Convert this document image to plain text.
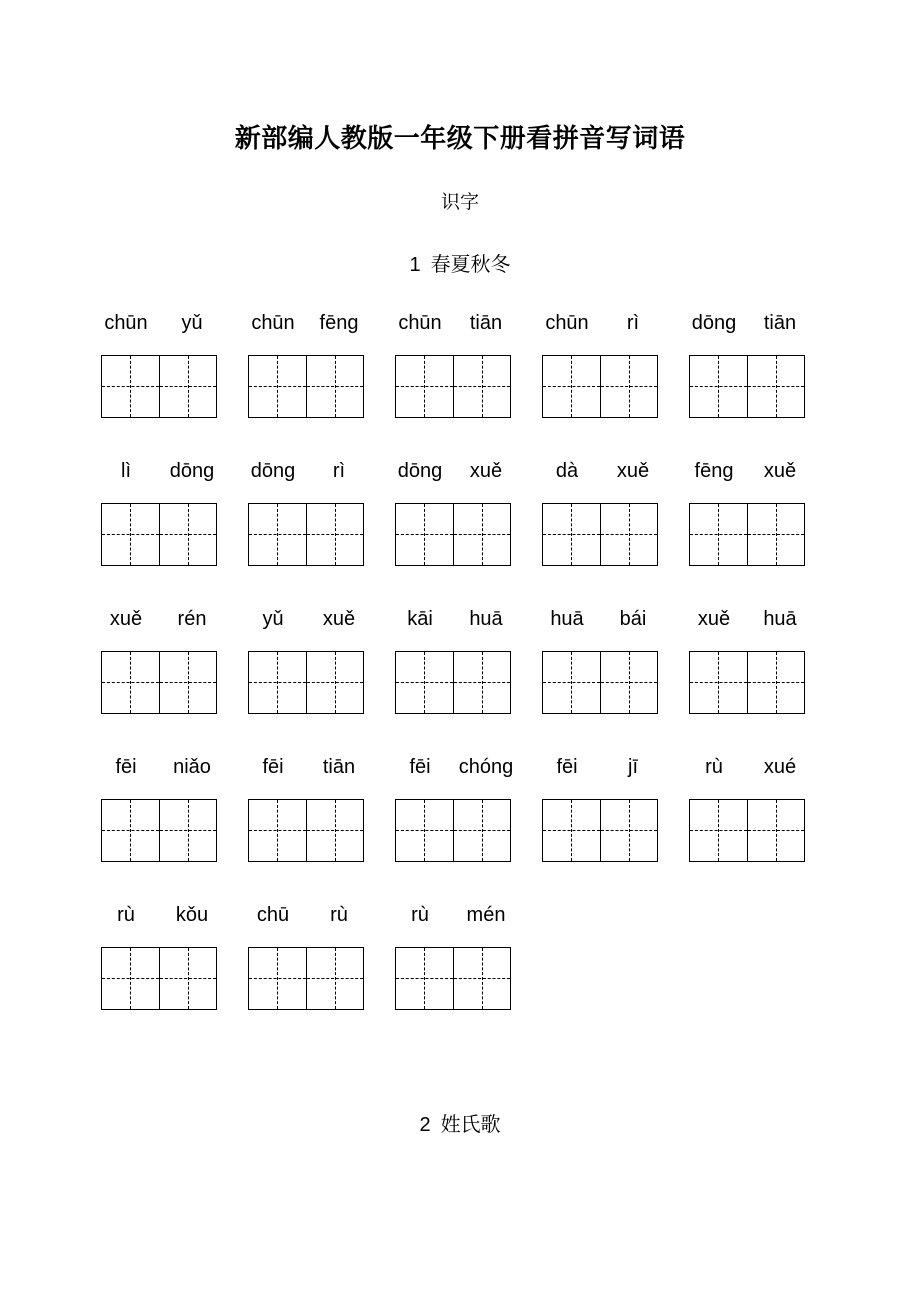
新部编人教版一年级下册看拼音写词语
识字
1 春夏秋冬
chūn	yǔ	chūn	fēng	chūn	tiān	chūn	rì	dōng	tiān
lì	dōng	dōng	rì	dōng	xuě	dà	xuě	fēng	xuě
xuě	rén	yǔ	xuě	kāi	huā	huā	bái	xuě	huā
fēi	niǎo	fēi	tiān	fēi	chóng	fēi	jī	rù	xué
rù	kǒu	chū	rù	rù	mén
2 姓氏歌
